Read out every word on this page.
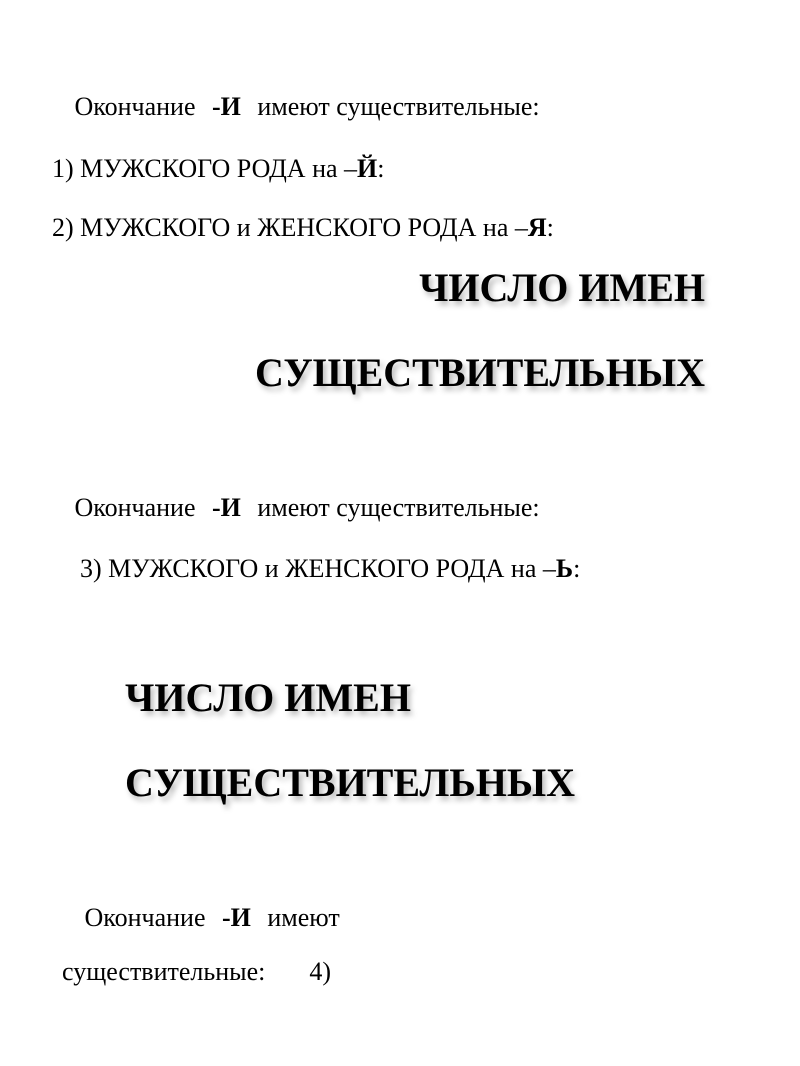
Окончание -И имеют существительные:
1) МУЖСКОГО РОДА на –Й:
2) МУЖСКОГО и ЖЕНСКОГО РОДА на –Я:
ЧИСЛО ИМЕН
СУЩЕСТВИТЕЛЬНЫХ
Окончание -И имеют существительные:
3) МУЖСКОГО и ЖЕНСКОГО РОДА на –Ь:
ЧИСЛО ИМЕН
СУЩЕСТВИТЕЛЬНЫХ
Окончание -И имеют
существительные: 4)
